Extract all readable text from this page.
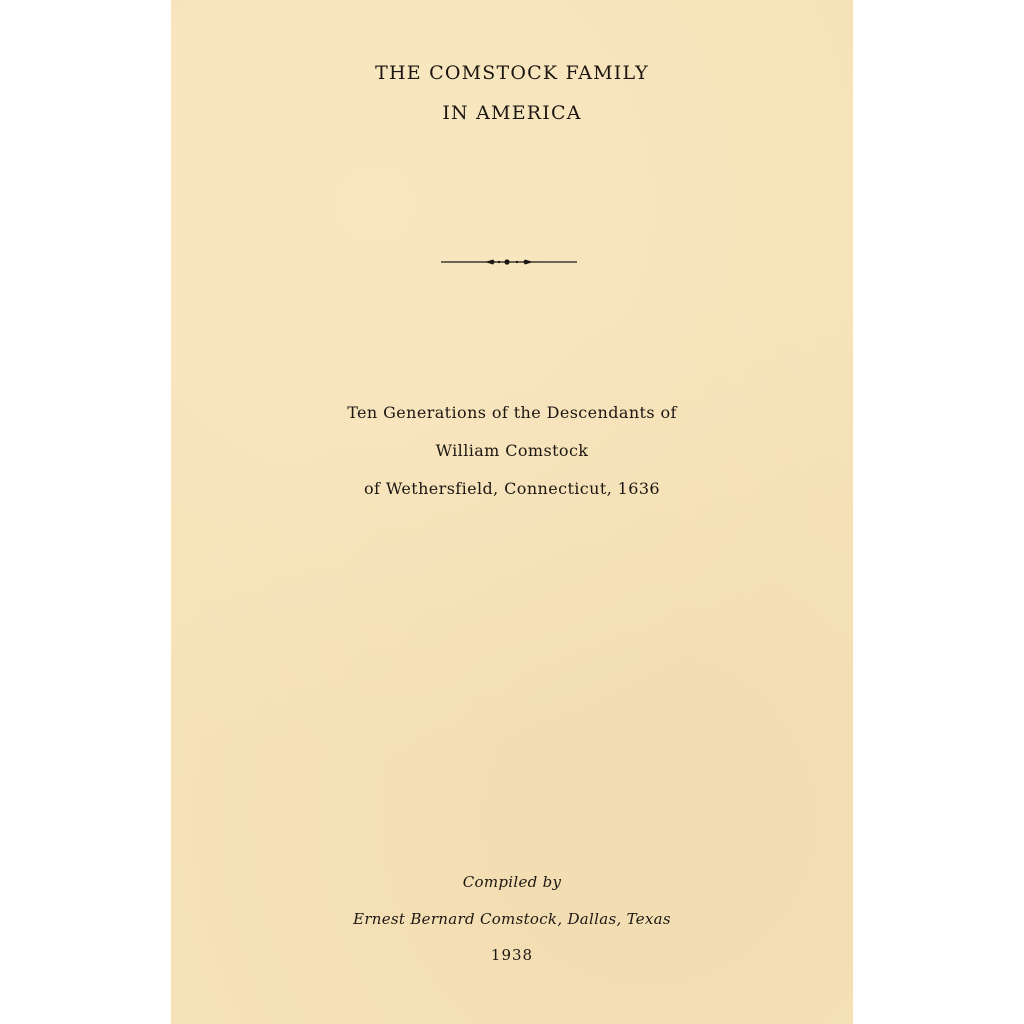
THE COMSTOCK FAMILY
IN AMERICA
Ten Generations of the Descendants of
William Comstock
of Wethersfield, Connecticut, 1636
Compiled by
Ernest Bernard Comstock, Dallas, Texas
1938
